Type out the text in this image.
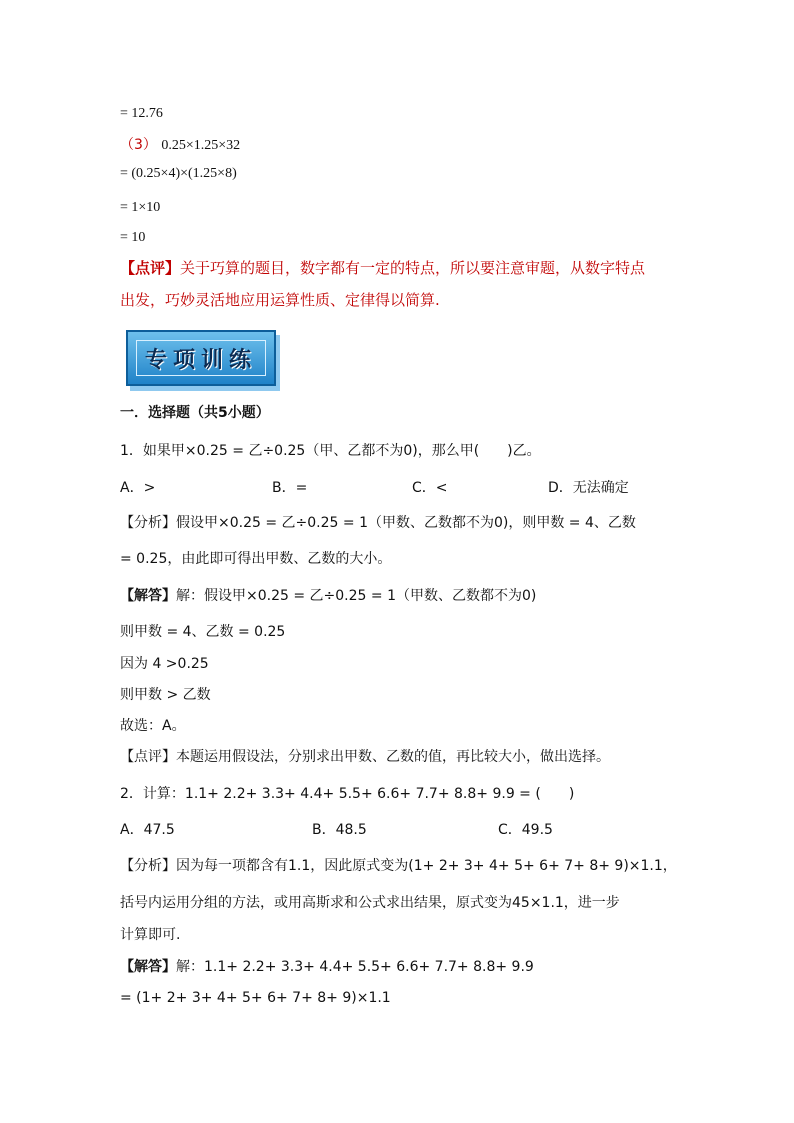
= 12.76
（3） 0.25×1.25×32
= (0.25×4)×(1.25×8)
= 1×10
= 10
【点评】关于巧算的题目，数字都有一定的特点，所以要注意审题，从数字特点
出发，巧妙灵活地应用运算性质、定律得以简算.
专项训练
一．选择题（共5小题）
1．如果甲×0.25 = 乙÷0.25（甲、乙都不为0)，那么甲(　　)乙。
A．>	B．=	C．<	D．无法确定
【分析】假设甲×0.25 = 乙÷0.25 = 1（甲数、乙数都不为0)，则甲数 = 4、乙数
= 0.25，由此即可得出甲数、乙数的大小。
【解答】解：假设甲×0.25 = 乙÷0.25 = 1（甲数、乙数都不为0)
则甲数 = 4、乙数 = 0.25
因为 4 >0.25
则甲数 > 乙数
故选：A。
【点评】本题运用假设法，分别求出甲数、乙数的值，再比较大小，做出选择。
2．计算：1.1+ 2.2+ 3.3+ 4.4+ 5.5+ 6.6+ 7.7+ 8.8+ 9.9 = (　　)
A．47.5	B．48.5	C．49.5
【分析】因为每一项都含有1.1，因此原式变为(1+ 2+ 3+ 4+ 5+ 6+ 7+ 8+ 9)×1.1，
括号内运用分组的方法，或用高斯求和公式求出结果，原式变为45×1.1，进一步
计算即可.
【解答】解：1.1+ 2.2+ 3.3+ 4.4+ 5.5+ 6.6+ 7.7+ 8.8+ 9.9
= (1+ 2+ 3+ 4+ 5+ 6+ 7+ 8+ 9)×1.1
